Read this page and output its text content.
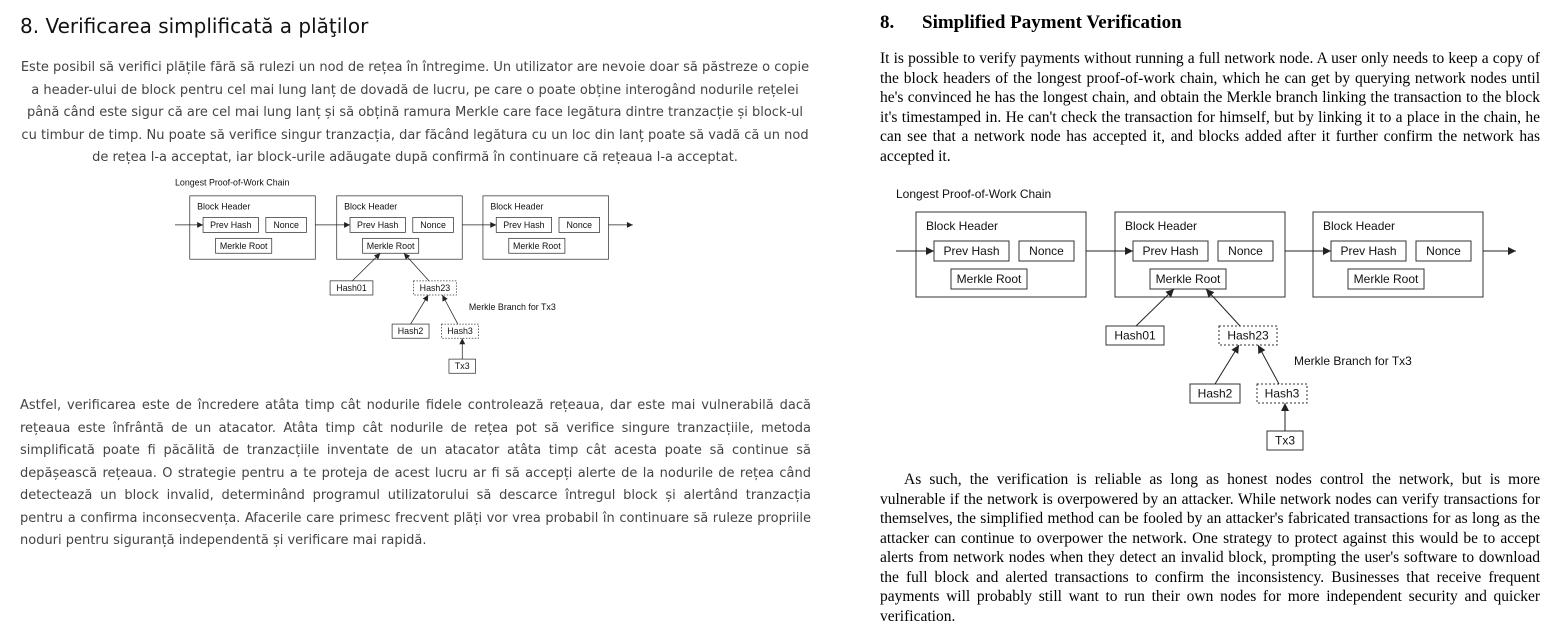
8. Verificarea simplificată a plăţilor

Este posibil să verifici plățile fără să rulezi un nod de rețea în întregime. Un utilizator are nevoie doar să păstreze o copie a header-ului de block pentru cel mai lung lanț de dovadă de lucru, pe care o poate obține interogând nodurile rețelei până când este sigur că are cel mai lung lanț și să obțină ramura Merkle care face legătura dintre tranzacție și block-ul cu timbur de timp. Nu poate să verifice singur tranzacția, dar făcând legătura cu un loc din lanț poate să vadă că un nod de rețea l-a acceptat, iar block-urile adăugate după confirmă în continuare că rețeaua l-a acceptat.

Longest Proof-of-Work Chain
Block Header
Prev Hash Nonce
Merkle Root
Block Header
Prev Hash Nonce
Merkle Root
Block Header
Prev Hash Nonce
Merkle Root
Hash01	Hash23
Hash2 Hash3
Tx3
Merkle Branch for Tx3

Astfel, verificarea este de încredere atâta timp cât nodurile fidele controlează rețeaua, dar este mai vulnerabilă dacă rețeaua este înfrântă de un atacator. Atâta timp cât nodurile de rețea pot să verifice singure tranzacțiile, metoda simplificată poate fi păcălită de tranzacțiile inventate de un atacator atâta timp cât acesta poate să continue să depășească rețeaua. O strategie pentru a te proteja de acest lucru ar fi să accepți alerte de la nodurile de rețea când detectează un block invalid, determinând programul utilizatorului să descarce întregul block și alertând tranzacția pentru a confirma inconsecvența. Afacerile care primesc frecvent plăți vor vrea probabil în continuare să ruleze propriile noduri pentru siguranță independentă și verificare mai rapidă.

8. Simplified Payment Verification

It is possible to verify payments without running a full network node. A user only needs to keep a copy of the block headers of the longest proof-of-work chain, which he can get by querying network nodes until he's convinced he has the longest chain, and obtain the Merkle branch linking the transaction to the block it's timestamped in. He can't check the transaction for himself, but by linking it to a place in the chain, he can see that a network node has accepted it, and blocks added after it further confirm the network has accepted it.

Longest Proof-of-Work Chain
Block Header
Prev Hash Nonce
Merkle Root
Block Header
Prev Hash Nonce
Merkle Root
Block Header
Prev Hash Nonce
Merkle Root
Hash01	Hash23
Hash2	Hash3
Tx3
Merkle Branch for Tx3

As such, the verification is reliable as long as honest nodes control the network, but is more vulnerable if the network is overpowered by an attacker. While network nodes can verify transactions for themselves, the simplified method can be fooled by an attacker's fabricated transactions for as long as the attacker can continue to overpower the network. One strategy to protect against this would be to accept alerts from network nodes when they detect an invalid block, prompting the user's software to download the full block and alerted transactions to confirm the inconsistency. Businesses that receive frequent payments will probably still want to run their own nodes for more independent security and quicker verification.
